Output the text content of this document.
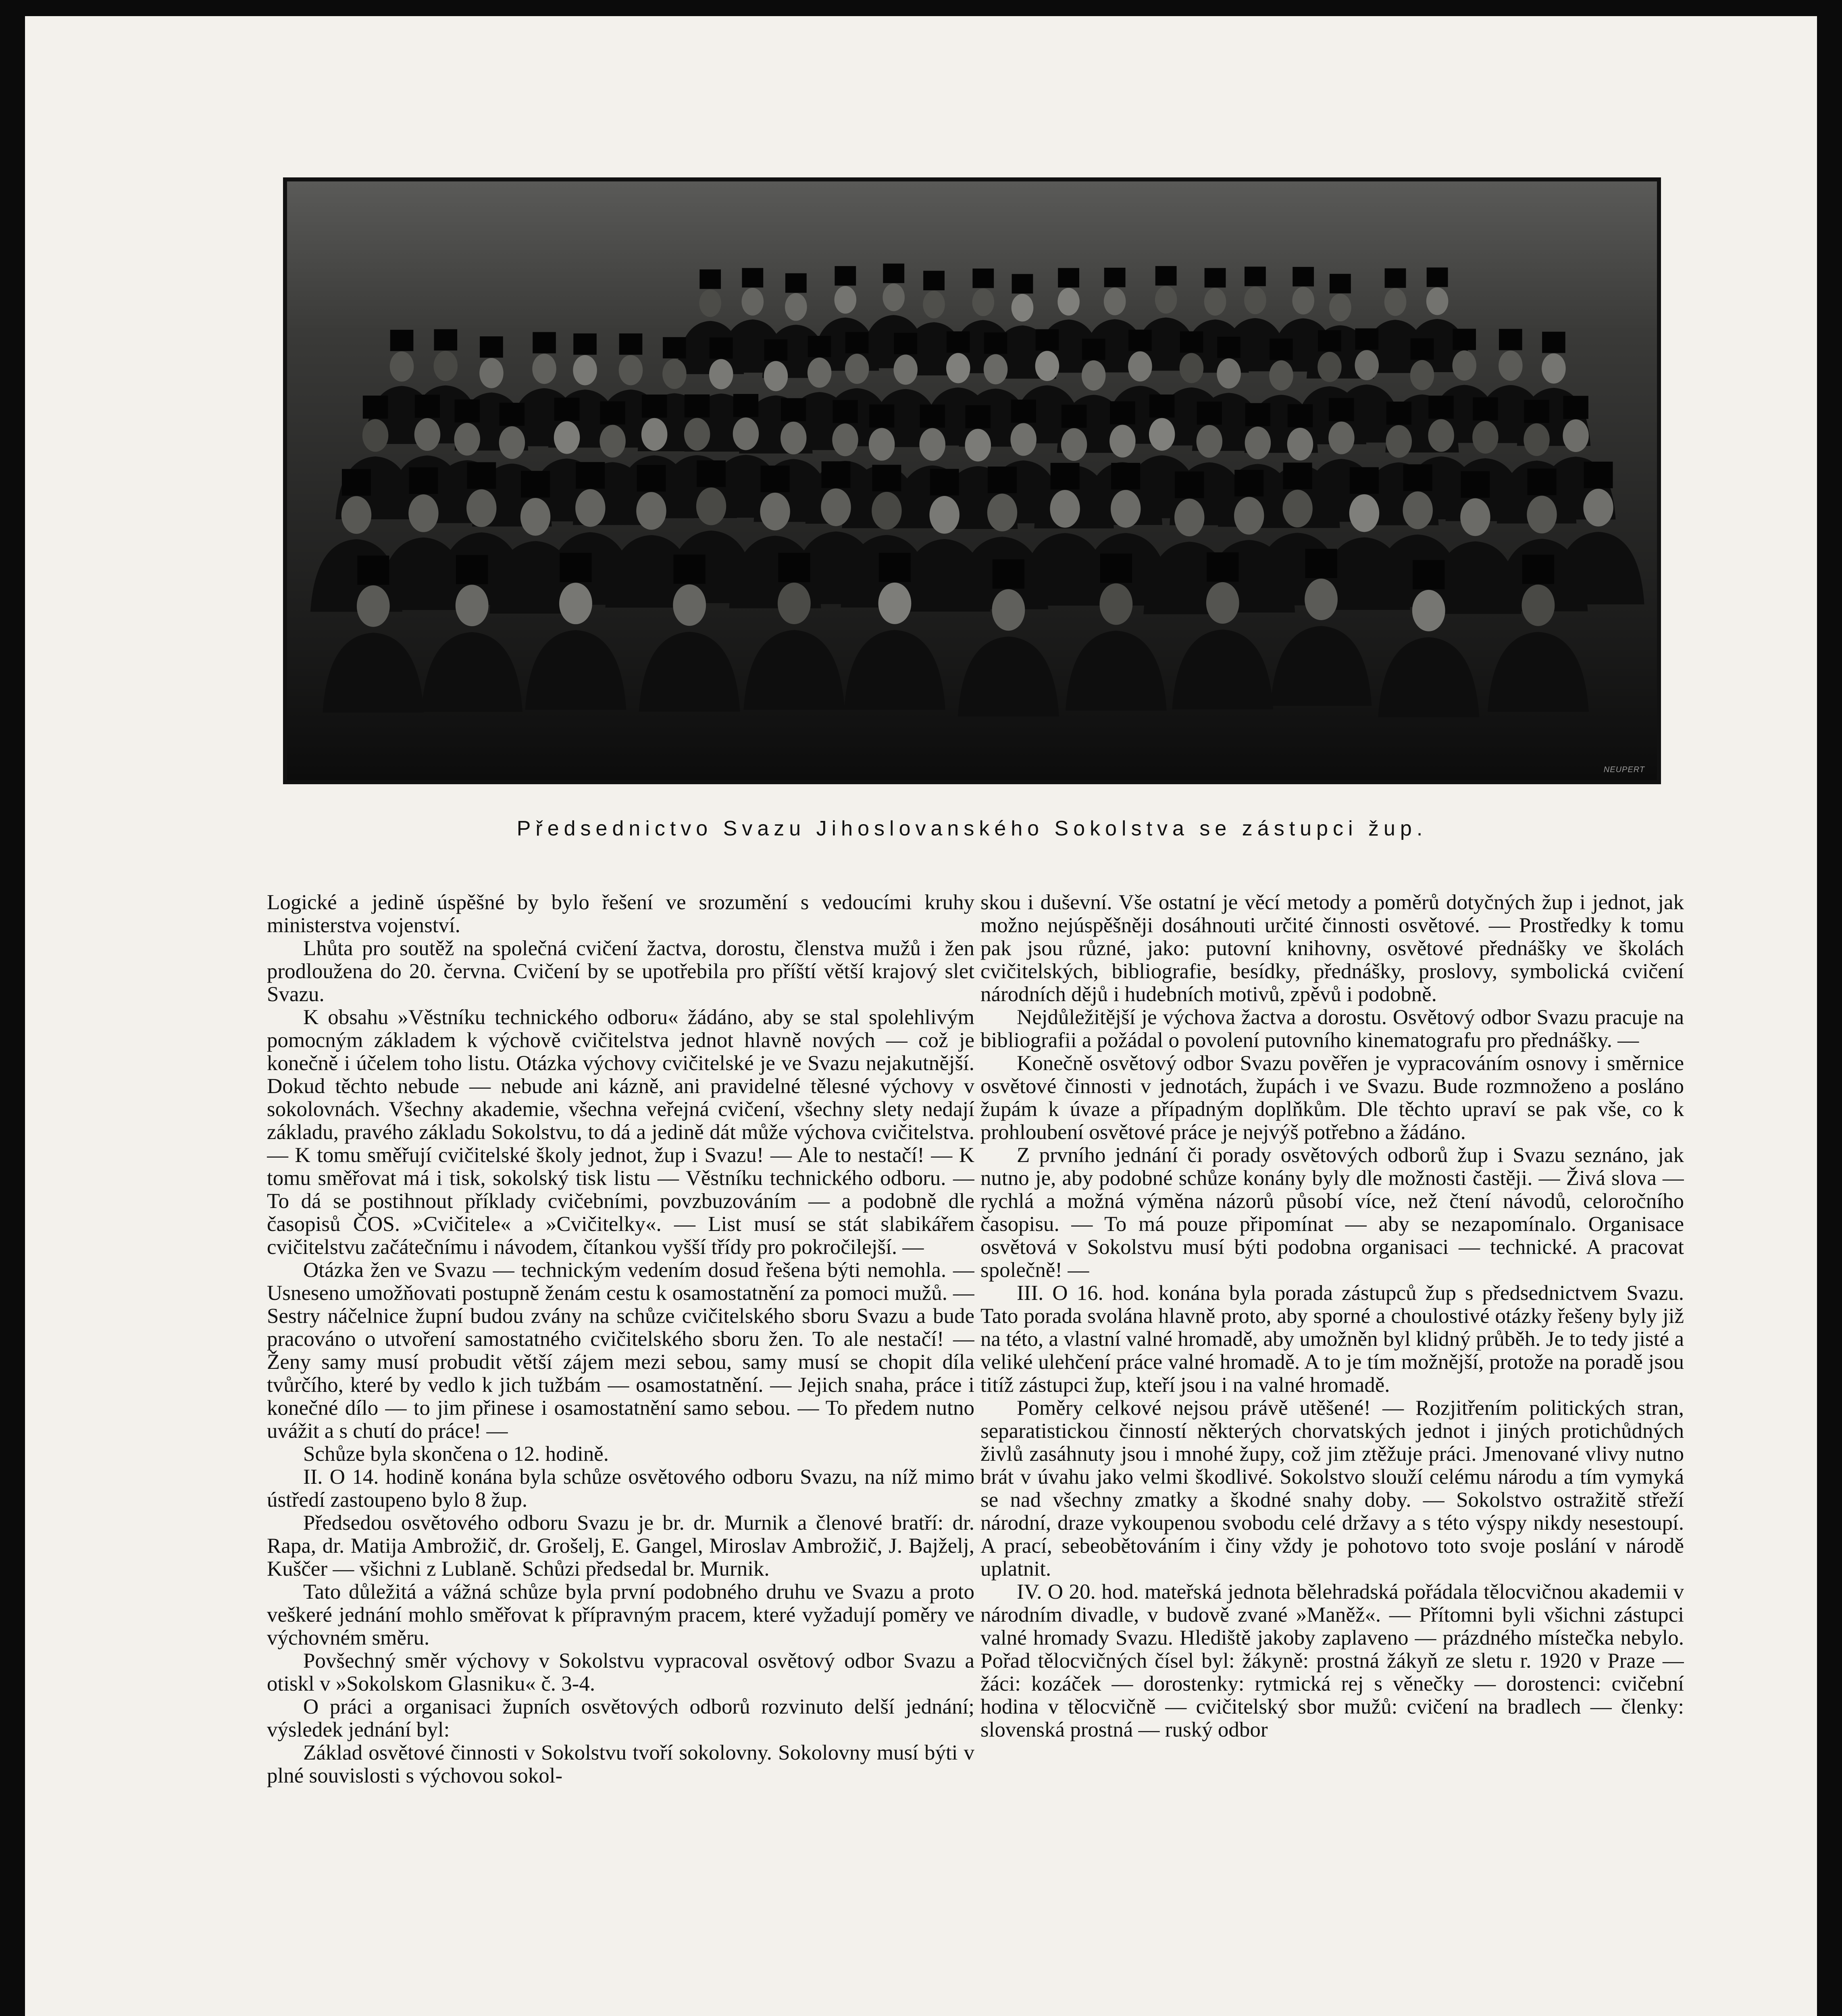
NEUPERT
Předsednictvo Svazu Jihoslovanského Sokolstva se zástupci žup.

Logické a jedině úspěšné by bylo řešení ve srozumění s vedoucími kruhy ministerstva vojenství.

Lhůta pro soutěž na společná cvičení žactva, dorostu, členstva mužů i žen prodloužena do 20. června. Cvičení by se upotřebila pro příští větší krajový slet Svazu.

K obsahu »Věstníku technického odboru« žádáno, aby se stal spolehlivým pomocným základem k výchově cvičitelstva jednot hlavně nových — což je konečně i účelem toho listu. Otázka výchovy cvičitelské je ve Svazu nejakutnější. Dokud těchto nebude — nebude ani kázně, ani pravidelné tělesné výchovy v sokolovnách. Všechny akademie, všechna veřejná cvičení, všechny slety nedají základu, pravého základu Sokolstvu, to dá a jedině dát může výchova cvičitelstva. — K tomu směřují cvičitelské školy jednot, žup i Svazu! — Ale to nestačí! — K tomu směřovat má i tisk, sokolský tisk listu — Věstníku technického odboru. — To dá se postihnout příklady cvičebními, povzbuzováním — a podobně dle časopisů ČOS. »Cvičitele« a »Cvičitelky«. — List musí se stát slabikářem cvičitelstvu začátečnímu i návodem, čítankou vyšší třídy pro pokročilejší. —

Otázka žen ve Svazu — technickým vedením dosud řešena býti nemohla. — Usneseno umožňovati postupně ženám cestu k osamostatnění za pomoci mužů. — Sestry náčelnice župní budou zvány na schůze cvičitelského sboru Svazu a bude pracováno o utvoření samostatného cvičitelského sboru žen. To ale nestačí! — Ženy samy musí probudit větší zájem mezi sebou, samy musí se chopit díla tvůrčího, které by vedlo k jich tužbám — osamostatnění. — Jejich snaha, práce i konečné dílo — to jim přinese i osamostatnění samo sebou. — To předem nutno uvážit a s chutí do práce! —

Schůze byla skončena o 12. hodině.

II. O 14. hodině konána byla schůze osvětového odboru Svazu, na níž mimo ústředí zastoupeno bylo 8 žup.

Předsedou osvětového odboru Svazu je br. dr. Murnik a členové bratří: dr. Rapa, dr. Matija Ambrožič, dr. Grošelj, E. Gangel, Miroslav Ambrožič, J. Bajželj, Kuščer — všichni z Lublaně. Schůzi předsedal br. Murnik.

Tato důležitá a vážná schůze byla první podobného druhu ve Svazu a proto veškeré jednání mohlo směřovat k přípravným pracem, které vyžadují poměry ve výchovném směru.

Povšechný směr výchovy v Sokolstvu vypracoval osvětový odbor Svazu a otiskl v »Sokolskom Glasniku« č. 3-4.

O práci a organisaci župních osvětových odborů rozvinuto delší jednání; výsledek jednání byl:

Základ osvětové činnosti v Sokolstvu tvoří sokolovny. Sokolovny musí býti v plné souvislosti s výchovou sokol-

skou i duševní. Vše ostatní je věcí metody a poměrů dotyčných žup i jednot, jak možno nejúspěšněji dosáhnouti určité činnosti osvětové. — Prostředky k tomu pak jsou různé, jako: putovní knihovny, osvětové přednášky ve školách cvičitelských, bibliografie, besídky, přednášky, proslovy, symbolická cvičení národních dějů i hudebních motivů, zpěvů i podobně.

Nejdůležitější je výchova žactva a dorostu. Osvětový odbor Svazu pracuje na bibliografii a požádal o povolení putovního kinematografu pro přednášky. —

Konečně osvětový odbor Svazu pověřen je vypracováním osnovy i směrnice osvětové činnosti v jednotách, župách i ve Svazu. Bude rozmnoženo a posláno župám k úvaze a případným doplňkům. Dle těchto upraví se pak vše, co k prohloubení osvětové práce je nejvýš potřebno a žádáno.

Z prvního jednání či porady osvětových odborů žup i Svazu seznáno, jak nutno je, aby podobné schůze konány byly dle možnosti častěji. — Živá slova — rychlá a možná výměna názorů působí více, než čtení návodů, celoročního časopisu. — To má pouze připomínat — aby se nezapomínalo. Organisace osvětová v Sokolstvu musí býti podobna organisaci — technické. A pracovat společně! —

III. O 16. hod. konána byla porada zástupců žup s předsednictvem Svazu. Tato porada svolána hlavně proto, aby sporné a choulostivé otázky řešeny byly již na této, a vlastní valné hromadě, aby umožněn byl klidný průběh. Je to tedy jisté a veliké ulehčení práce valné hromadě. A to je tím možnější, protože na poradě jsou titíž zástupci žup, kteří jsou i na valné hromadě.

Poměry celkové nejsou právě utěšené! — Rozjitřením politických stran, separatistickou činností některých chorvatských jednot i jiných protichůdných živlů zasáhnuty jsou i mnohé župy, což jim ztěžuje práci. Jmenované vlivy nutno brát v úvahu jako velmi škodlivé. Sokolstvo slouží celému národu a tím vymyká se nad všechny zmatky a škodné snahy doby. — Sokolstvo ostražitě střeží národní, draze vykoupenou svobodu celé državy a s této výspy nikdy nesestoupí. A prací, sebeobětováním i činy vždy je pohotovo toto svoje poslání v národě uplatnit.

IV. O 20. hod. mateřská jednota bělehradská pořádala tělocvičnou akademii v národním divadle, v budově zvané »Maněž«. — Přítomni byli všichni zástupci valné hromady Svazu. Hlediště jakoby zaplaveno — prázdného místečka nebylo. Pořad tělocvičných čísel byl: žákyně: prostná žákyň ze sletu r. 1920 v Praze — žáci: kozáček — dorostenky: rytmická rej s věnečky — dorostenci: cvičební hodina v tělocvičně — cvičitelský sbor mužů: cvičení na bradlech — členky: slovenská prostná — ruský odbor
